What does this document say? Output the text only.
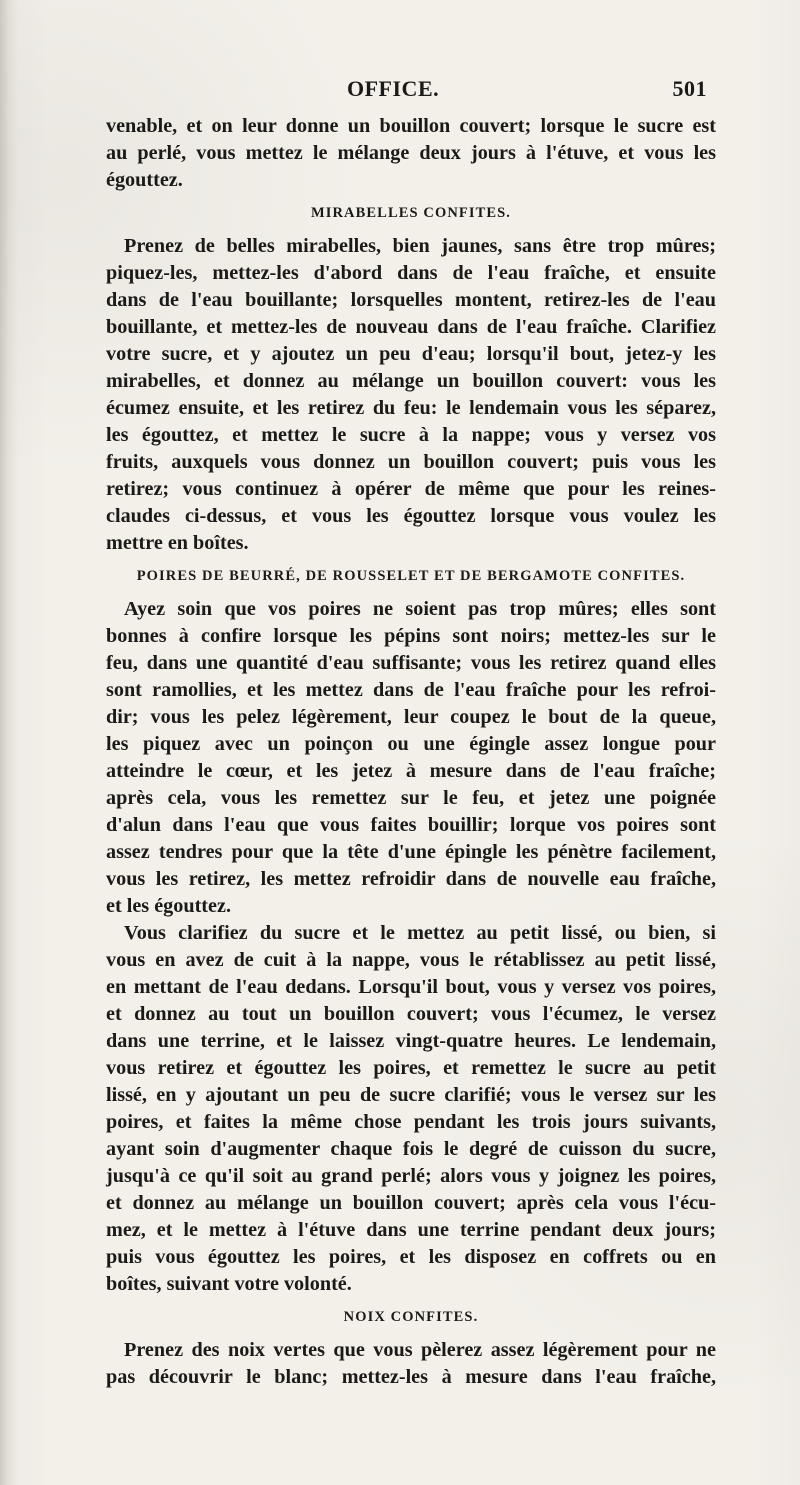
OFFICE.	501
venable, et on leur donne un bouillon couvert; lorsque le sucre est
au perlé, vous mettez le mélange deux jours à l'étuve, et vous les
égouttez.
MIRABELLES CONFITES.
Prenez de belles mirabelles, bien jaunes, sans être trop mûres;
piquez-les, mettez-les d'abord dans de l'eau fraîche, et ensuite
dans de l'eau bouillante; lorsquelles montent, retirez-les de l'eau
bouillante, et mettez-les de nouveau dans de l'eau fraîche. Clarifiez
votre sucre, et y ajoutez un peu d'eau; lorsqu'il bout, jetez-y les
mirabelles, et donnez au mélange un bouillon couvert: vous les
écumez ensuite, et les retirez du feu: le lendemain vous les séparez,
les égouttez, et mettez le sucre à la nappe; vous y versez vos
fruits, auxquels vous donnez un bouillon couvert; puis vous les
retirez; vous continuez à opérer de même que pour les reines-
claudes ci-dessus, et vous les égouttez lorsque vous voulez les
mettre en boîtes.
POIRES DE BEURRÉ, DE ROUSSELET ET DE BERGAMOTE CONFITES.
Ayez soin que vos poires ne soient pas trop mûres; elles sont
bonnes à confire lorsque les pépins sont noirs; mettez-les sur le
feu, dans une quantité d'eau suffisante; vous les retirez quand elles
sont ramollies, et les mettez dans de l'eau fraîche pour les refroi-
dir; vous les pelez légèrement, leur coupez le bout de la queue,
les piquez avec un poinçon ou une égingle assez longue pour
atteindre le cœur, et les jetez à mesure dans de l'eau fraîche;
après cela, vous les remettez sur le feu, et jetez une poignée
d'alun dans l'eau que vous faites bouillir; lorque vos poires sont
assez tendres pour que la tête d'une épingle les pénètre facilement,
vous les retirez, les mettez refroidir dans de nouvelle eau fraîche,
et les égouttez.
Vous clarifiez du sucre et le mettez au petit lissé, ou bien, si
vous en avez de cuit à la nappe, vous le rétablissez au petit lissé,
en mettant de l'eau dedans. Lorsqu'il bout, vous y versez vos poires,
et donnez au tout un bouillon couvert; vous l'écumez, le versez
dans une terrine, et le laissez vingt-quatre heures. Le lendemain,
vous retirez et égouttez les poires, et remettez le sucre au petit
lissé, en y ajoutant un peu de sucre clarifié; vous le versez sur les
poires, et faites la même chose pendant les trois jours suivants,
ayant soin d'augmenter chaque fois le degré de cuisson du sucre,
jusqu'à ce qu'il soit au grand perlé; alors vous y joignez les poires,
et donnez au mélange un bouillon couvert; après cela vous l'écu-
mez, et le mettez à l'étuve dans une terrine pendant deux jours;
puis vous égouttez les poires, et les disposez en coffrets ou en
boîtes, suivant votre volonté.
NOIX CONFITES.
Prenez des noix vertes que vous pèlerez assez légèrement pour ne
pas découvrir le blanc; mettez-les à mesure dans l'eau fraîche,
